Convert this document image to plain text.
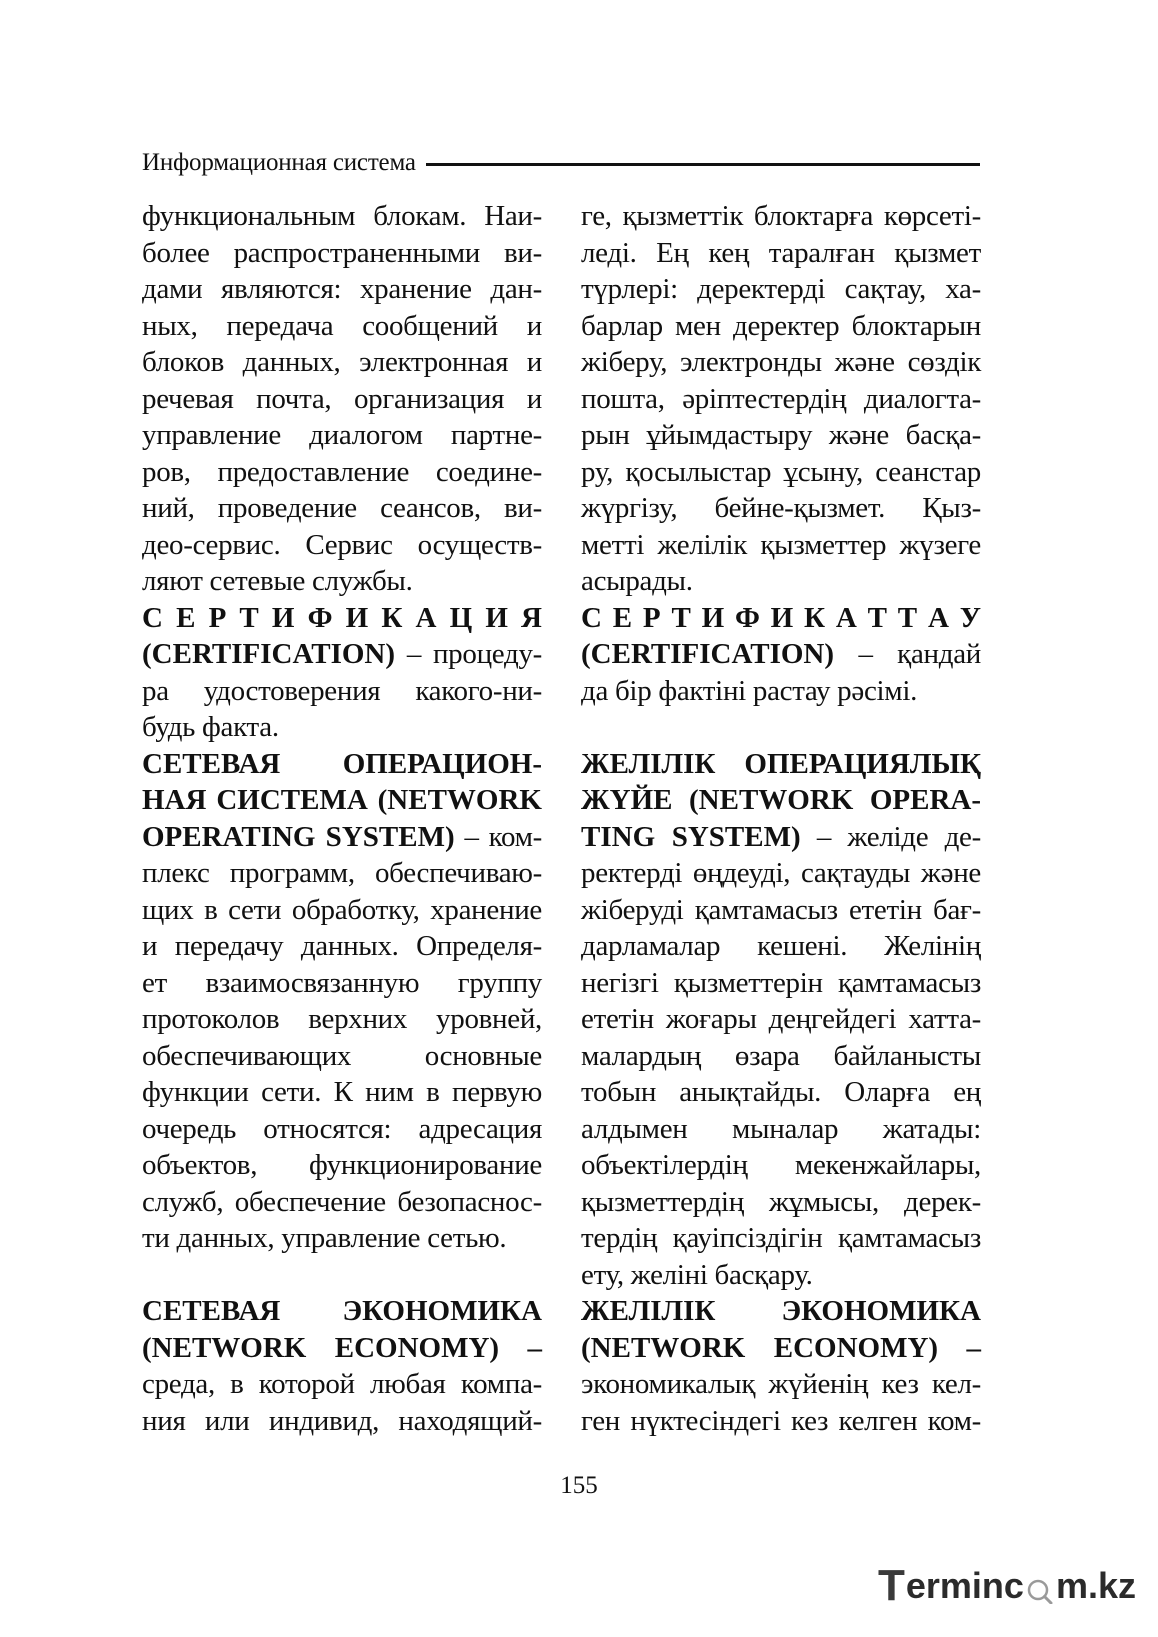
Информационная система
функциональным блокам. Наи-
более распространенными ви-
дами являются: хранение дан-
ных, передача сообщений и
блоков данных, электронная и
речевая почта, организация и
управление диалогом партне-
ров, предоставление соедине-
ний, проведение сеансов, ви-
део-сервис. Сервис осуществ-
ляют сетевые службы.
С Е Р Т И Ф И К А Ц И Я
(CERTIFICATION) – процеду-
ра удостоверения какого-ни-
будь факта.
СЕТЕВАЯ ОПЕРАЦИОН-
НАЯ СИСТЕМА (NETWORK
OPERATING SYSTEM) – ком-
плекс программ, обеспечиваю-
щих в сети обработку, хранение
и передачу данных. Определя-
ет взаимосвязанную группу
протоколов верхних уровней,
обеспечивающих основные
функции сети. К ним в первую
очередь относятся: адресация
объектов, функционирование
служб, обеспечение безопаснос-
ти данных, управление сетью.
СЕТЕВАЯ ЭКОНОМИКА
(NETWORK ECONOMY) –
среда, в которой любая компа-
ния или индивид, находящий-
ге, қызметтік блоктарға көрсеті-
леді. Ең кең таралған қызмет
түрлері: деректерді сақтау, ха-
барлар мен деректер блоктарын
жіберу, электронды және сөздік
пошта, әріптестердің диалогта-
рын ұйымдастыру және басқа-
ру, қосылыстар ұсыну, сеанстар
жүргізу, бейне-қызмет. Қыз-
метті желілік қызметтер жүзеге
асырады.
С Е Р Т И Ф И К А Т Т А У
(CERTIFICATION) – қандай
да бір фактіні растау рәсімі.
ЖЕЛІЛІК ОПЕРАЦИЯЛЫҚ
ЖҮЙЕ (NETWORK OPERA-
TING SYSTEM) – желіде де-
ректерді өңдеуді, сақтауды және
жіберуді қамтамасыз ететін бағ-
дарламалар кешені. Желінің
негізгі қызметтерін қамтамасыз
ететін жоғары деңгейдегі хатта-
малардың өзара байланысты
тобын анықтайды. Оларға ең
алдымен мыналар жатады:
объектілердің мекенжайлары,
қызметтердің жұмысы, дерек-
тердің қауіпсіздігін қамтамасыз
ету, желіні басқару.
ЖЕЛІЛІК ЭКОНОМИКА
(NETWORK ECONOMY) –
экономикалық жүйенің кез кел-
ген нүктесіндегі кез келген ком-
155
T erminc m.kz
